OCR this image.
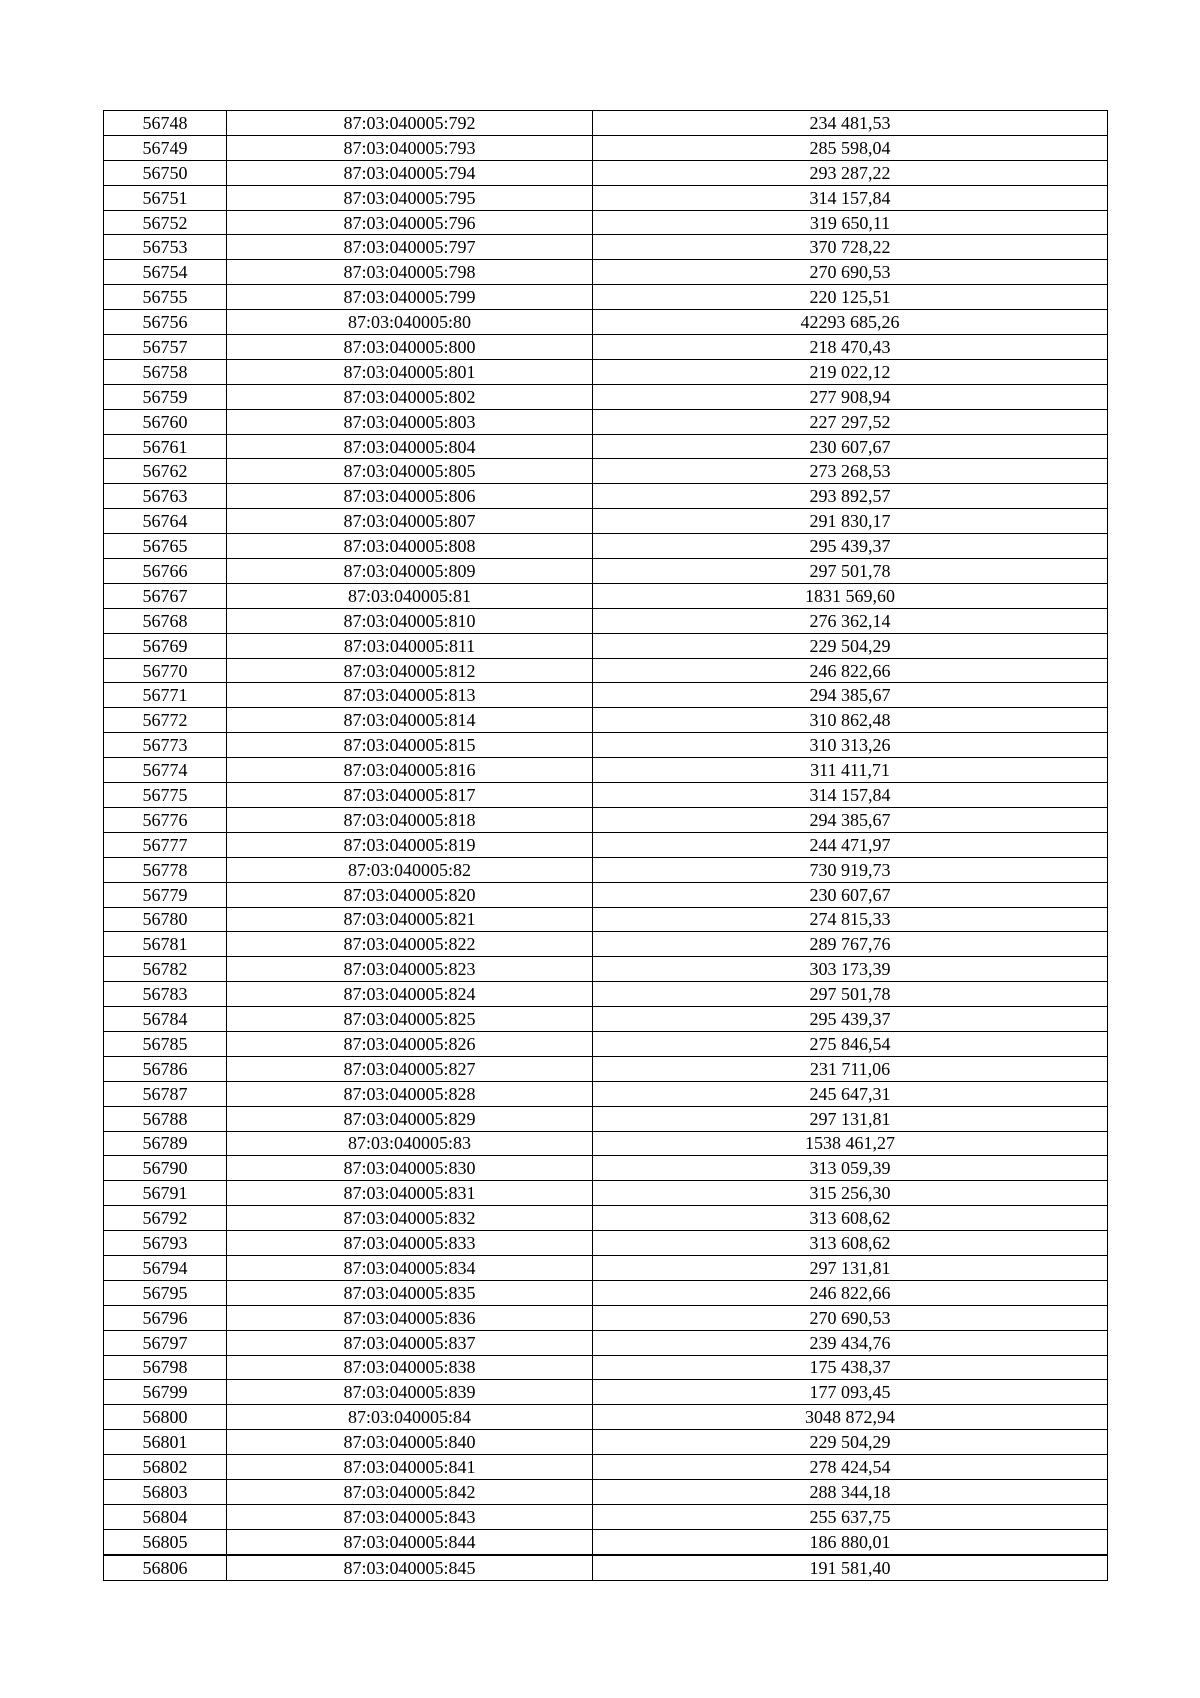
56748	87:03:040005:792	234 481,53
56749	87:03:040005:793	285 598,04
56750	87:03:040005:794	293 287,22
56751	87:03:040005:795	314 157,84
56752	87:03:040005:796	319 650,11
56753	87:03:040005:797	370 728,22
56754	87:03:040005:798	270 690,53
56755	87:03:040005:799	220 125,51
56756	87:03:040005:80	42293 685,26
56757	87:03:040005:800	218 470,43
56758	87:03:040005:801	219 022,12
56759	87:03:040005:802	277 908,94
56760	87:03:040005:803	227 297,52
56761	87:03:040005:804	230 607,67
56762	87:03:040005:805	273 268,53
56763	87:03:040005:806	293 892,57
56764	87:03:040005:807	291 830,17
56765	87:03:040005:808	295 439,37
56766	87:03:040005:809	297 501,78
56767	87:03:040005:81	1831 569,60
56768	87:03:040005:810	276 362,14
56769	87:03:040005:811	229 504,29
56770	87:03:040005:812	246 822,66
56771	87:03:040005:813	294 385,67
56772	87:03:040005:814	310 862,48
56773	87:03:040005:815	310 313,26
56774	87:03:040005:816	311 411,71
56775	87:03:040005:817	314 157,84
56776	87:03:040005:818	294 385,67
56777	87:03:040005:819	244 471,97
56778	87:03:040005:82	730 919,73
56779	87:03:040005:820	230 607,67
56780	87:03:040005:821	274 815,33
56781	87:03:040005:822	289 767,76
56782	87:03:040005:823	303 173,39
56783	87:03:040005:824	297 501,78
56784	87:03:040005:825	295 439,37
56785	87:03:040005:826	275 846,54
56786	87:03:040005:827	231 711,06
56787	87:03:040005:828	245 647,31
56788	87:03:040005:829	297 131,81
56789	87:03:040005:83	1538 461,27
56790	87:03:040005:830	313 059,39
56791	87:03:040005:831	315 256,30
56792	87:03:040005:832	313 608,62
56793	87:03:040005:833	313 608,62
56794	87:03:040005:834	297 131,81
56795	87:03:040005:835	246 822,66
56796	87:03:040005:836	270 690,53
56797	87:03:040005:837	239 434,76
56798	87:03:040005:838	175 438,37
56799	87:03:040005:839	177 093,45
56800	87:03:040005:84	3048 872,94
56801	87:03:040005:840	229 504,29
56802	87:03:040005:841	278 424,54
56803	87:03:040005:842	288 344,18
56804	87:03:040005:843	255 637,75
56805	87:03:040005:844	186 880,01
56806	87:03:040005:845	191 581,40
